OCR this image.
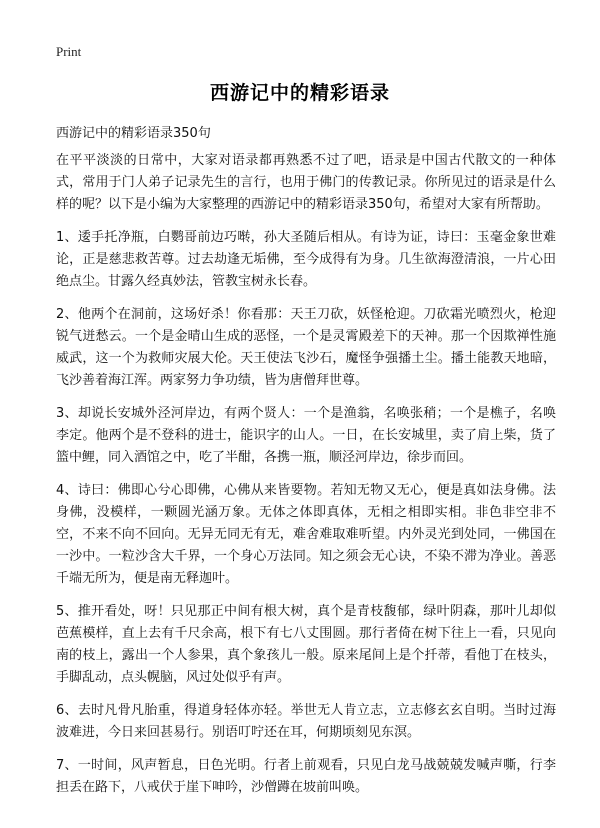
Print
西游记中的精彩语录
西游记中的精彩语录350句

在平平淡淡的日常中，大家对语录都再熟悉不过了吧，语录是中国古代散文的一种体式，常用于门人弟子记录先生的言行，也用于佛门的传教记录。你所见过的语录是什么样的呢？以下是小编为大家整理的西游记中的精彩语录350句，希望对大家有所帮助。

1、逶手托净瓶，白鹦哥前边巧啭，孙大圣随后相从。有诗为证，诗曰：玉毫金象世难论，正是慈悲救苦尊。过去劫逢无垢佛，至今成得有为身。几生欲海澄清浪，一片心田绝点尘。甘露久经真妙法，管教宝树永长春。

2、他两个在洞前，这场好杀！你看那：天王刀砍，妖怪枪迎。刀砍霜光喷烈火，枪迎锐气迸愁云。一个是金晴山生成的恶怪，一个是灵霄殿差下的天神。那一个因欺禅性施威武，这一个为救师灾展大伦。天王使法飞沙石，魔怪争强播土尘。播土能教天地暗，飞沙善着海江浑。两家努力争功绩，皆为唐僧拜世尊。

3、却说长安城外泾河岸边，有两个贤人：一个是渔翁，名唤张稍；一个是樵子，名唤李定。他两个是不登科的进士，能识字的山人。一日，在长安城里，卖了肩上柴，货了篮中鲤，同入酒馆之中，吃了半酣，各携一瓶，顺泾河岸边，徐步而回。

4、诗曰：佛即心兮心即佛，心佛从来皆要物。若知无物又无心，便是真如法身佛。法身佛，没模样，一颗圆光涵万象。无体之体即真体，无相之相即实相。非色非空非不空，不来不向不回向。无异无同无有无，难舍难取难听望。内外灵光到处同，一佛国在一沙中。一粒沙含大千界，一个身心万法同。知之须会无心诀，不染不滞为净业。善恶千端无所为，便是南无释迦叶。

5、推开看处，呀！只见那正中间有根大树，真个是青枝馥郁，绿叶阴森，那叶儿却似芭蕉模样，直上去有千尺余高，根下有七八丈围圆。那行者倚在树下往上一看，只见向南的枝上，露出一个人参果，真个象孩儿一般。原来尾间上是个扦蒂，看他丁在枝头，手脚乱动，点头幌脑，风过处似乎有声。

6、去时凡骨凡胎重，得道身轻体亦轻。举世无人肯立志，立志修玄玄自明。当时过海波难进，今日来回甚易行。别语叮咛还在耳，何期顷刻见东溟。

7、一时间，风声暂息，日色光明。行者上前观看，只见白龙马战兢兢发喊声嘶，行李担丢在路下，八戒伏于崖下呻吟，沙僧蹲在坡前叫唤。
